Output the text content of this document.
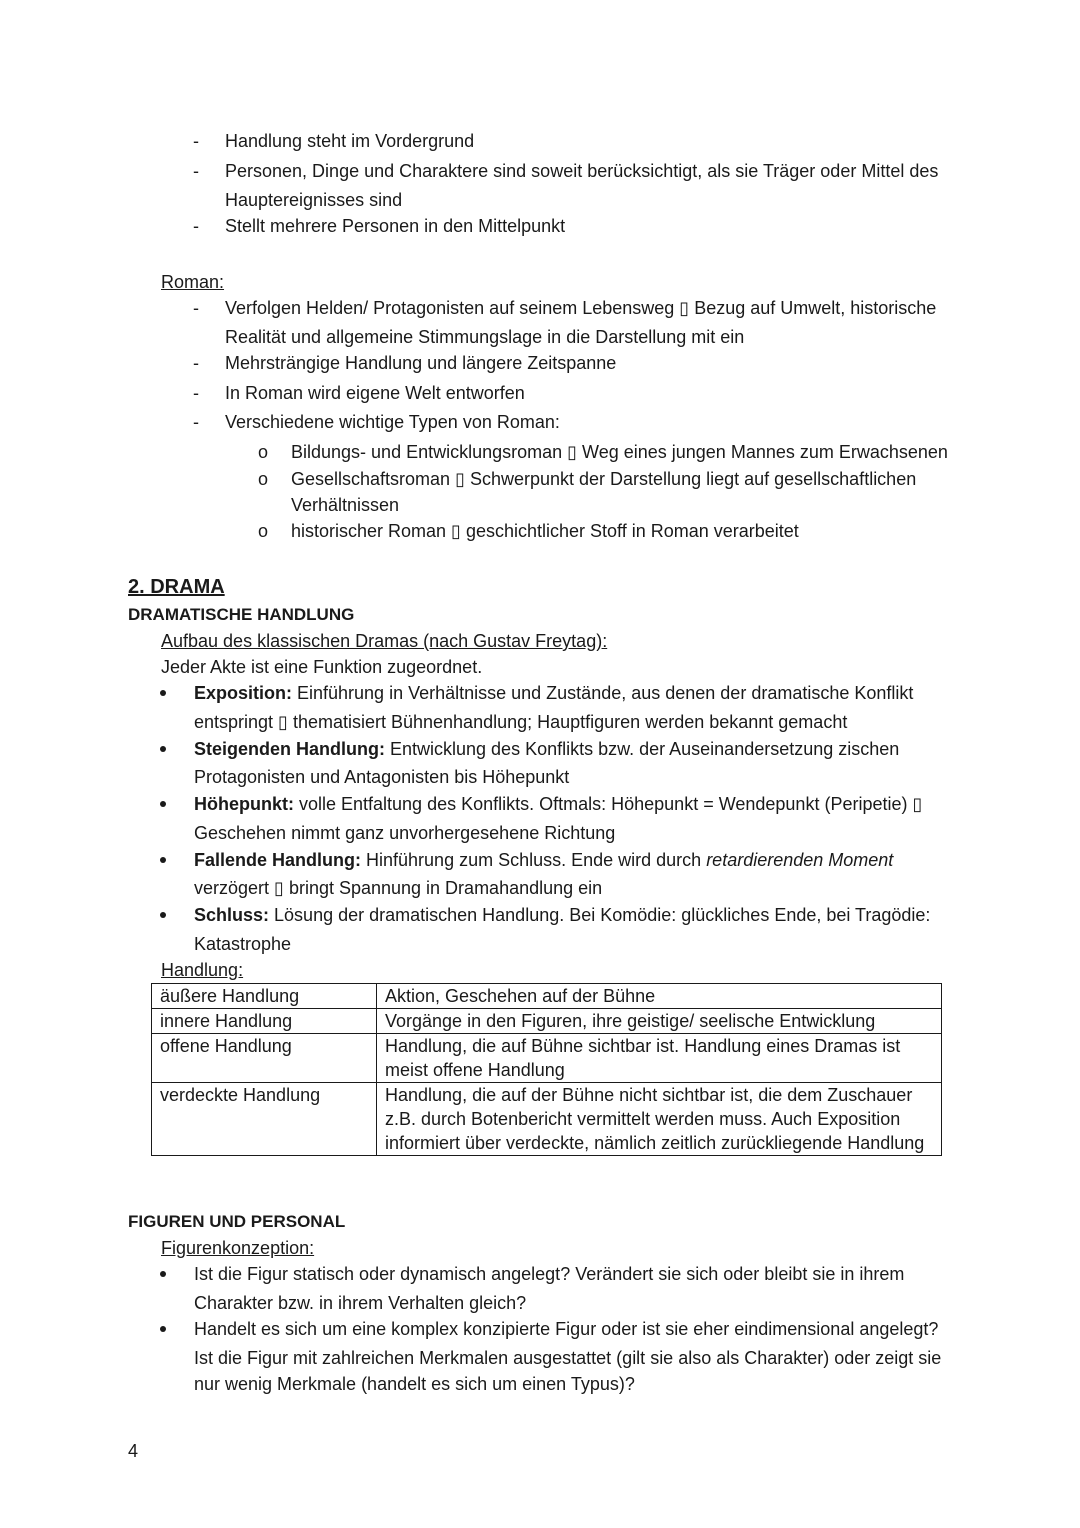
- Handlung steht im Vordergrund
- Personen, Dinge und Charaktere sind soweit berücksichtigt, als sie Träger oder Mittel des
Hauptereignisses sind
- Stellt mehrere Personen in den Mittelpunkt
Roman:
- Verfolgen Helden/ Protagonisten auf seinem Lebensweg ▯ Bezug auf Umwelt, historische
Realität und allgemeine Stimmungslage in die Darstellung mit ein
- Mehrsträngige Handlung und längere Zeitspanne
- In Roman wird eigene Welt entworfen
- Verschiedene wichtige Typen von Roman:
o Bildungs- und Entwicklungsroman ▯ Weg eines jungen Mannes zum Erwachsenen
o Gesellschaftsroman ▯ Schwerpunkt der Darstellung liegt auf gesellschaftlichen
Verhältnissen
o historischer Roman ▯ geschichtlicher Stoff in Roman verarbeitet
2. DRAMA
DRAMATISCHE HANDLUNG
Aufbau des klassischen Dramas (nach Gustav Freytag):
Jeder Akte ist eine Funktion zugeordnet.
Exposition: Einführung in Verhältnisse und Zustände, aus denen der dramatische Konflikt
entspringt ▯ thematisiert Bühnenhandlung; Hauptfiguren werden bekannt gemacht
Steigenden Handlung: Entwicklung des Konflikts bzw. der Auseinandersetzung zischen
Protagonisten und Antagonisten bis Höhepunkt
Höhepunkt: volle Entfaltung des Konflikts. Oftmals: Höhepunkt = Wendepunkt (Peripetie) ▯
Geschehen nimmt ganz unvorhergesehene Richtung
Fallende Handlung: Hinführung zum Schluss. Ende wird durch retardierenden Moment
verzögert ▯ bringt Spannung in Dramahandlung ein
Schluss: Lösung der dramatischen Handlung. Bei Komödie: glückliches Ende, bei Tragödie:
Katastrophe
Handlung:
äußere Handlung	Aktion, Geschehen auf der Bühne
innere Handlung	Vorgänge in den Figuren, ihre geistige/ seelische Entwicklung
offene Handlung	Handlung, die auf Bühne sichtbar ist. Handlung eines Dramas ist meist offene Handlung
verdeckte Handlung	Handlung, die auf der Bühne nicht sichtbar ist, die dem Zuschauer z.B. durch Botenbericht vermittelt werden muss. Auch Exposition informiert über verdeckte, nämlich zeitlich zurückliegende Handlung
FIGUREN UND PERSONAL
Figurenkonzeption:
Ist die Figur statisch oder dynamisch angelegt? Verändert sie sich oder bleibt sie in ihrem
Charakter bzw. in ihrem Verhalten gleich?
Handelt es sich um eine komplex konzipierte Figur oder ist sie eher eindimensional angelegt?
Ist die Figur mit zahlreichen Merkmalen ausgestattet (gilt sie also als Charakter) oder zeigt sie
nur wenig Merkmale (handelt es sich um einen Typus)?
4
